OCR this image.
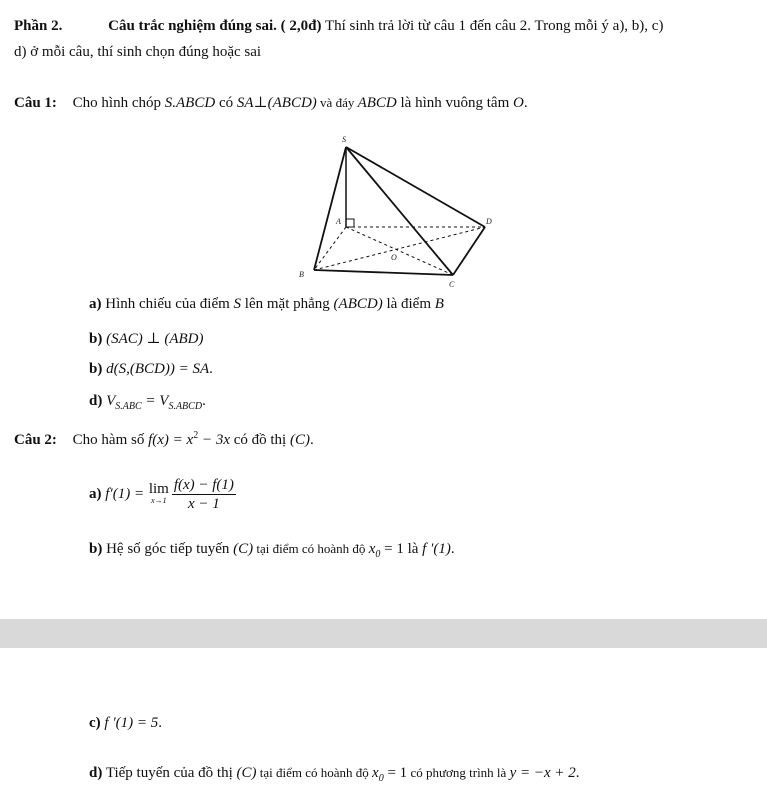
Phần 2.	Câu trắc nghiệm đúng sai. ( 2,0đ) Thí sinh trả lời từ câu 1 đến câu 2. Trong mỗi ý a), b), c)
d) ở mỗi câu, thí sinh chọn đúng hoặc sai
Câu 1: Cho hình chóp S.ABCD có SA⊥(ABCD) và đáy ABCD là hình vuông tâm O.
S
A
B
C
D
O
a) Hình chiếu của điểm S lên mặt phẳng (ABCD) là điểm B
b) (SAC) ⊥ (ABD)
b) d(S,(BCD)) = SA.
d) $V_{S.ABC} = V_{S.ABCD}$.
Câu 2: Cho hàm số $f(x) = x^2 - 3x$ có đồ thị (C).
a) f′(1) = lim
$x\to 1 \frac{f(x) - f(1)}{x - 1}$
b) Hệ số góc tiếp tuyến (C) tại điểm có hoành độ $x_0 = 1$ là f ′(1).
c) f ′(1) = 5.
d) Tiếp tuyến của đồ thị (C) tại điểm có hoành độ $x_0 = 1$ có phương trình là y = −x + 2.
